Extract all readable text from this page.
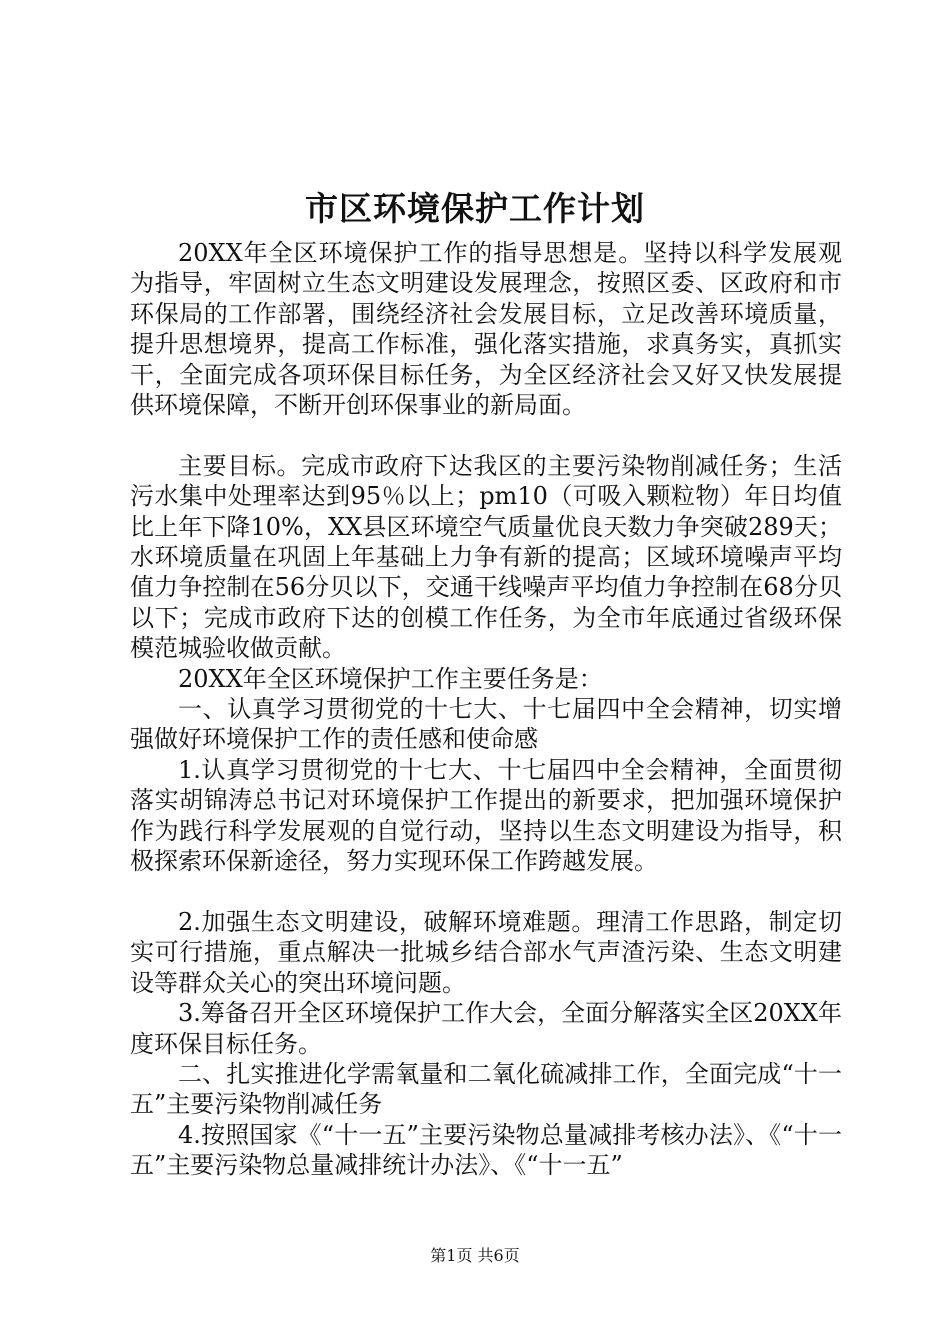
市区环境保护工作计划

20XX年全区环境保护工作的指导思想是。坚持以科学发展观为指导，牢固树立生态文明建设发展理念，按照区委、区政府和市环保局的工作部署，围绕经济社会发展目标，立足改善环境质量，提升思想境界，提高工作标准，强化落实措施，求真务实，真抓实干，全面完成各项环保目标任务，为全区经济社会又好又快发展提供环境保障，不断开创环保事业的新局面。

主要目标。完成市政府下达我区的主要污染物削减任务；生活污水集中处理率达到95％以上；pm10（可吸入颗粒物）年日均值比上年下降10%，XX县区环境空气质量优良天数力争突破289天；水环境质量在巩固上年基础上力争有新的提高；区域环境噪声平均值力争控制在56分贝以下，交通干线噪声平均值力争控制在68分贝以下；完成市政府下达的创模工作任务，为全市年底通过省级环保模范城验收做贡献。

20XX年全区环境保护工作主要任务是：

一、认真学习贯彻党的十七大、十七届四中全会精神，切实增强做好环境保护工作的责任感和使命感

1.认真学习贯彻党的十七大、十七届四中全会精神，全面贯彻落实胡锦涛总书记对环境保护工作提出的新要求，把加强环境保护作为践行科学发展观的自觉行动，坚持以生态文明建设为指导，积极探索环保新途径，努力实现环保工作跨越发展。

2.加强生态文明建设，破解环境难题。理清工作思路，制定切实可行措施，重点解决一批城乡结合部水气声渣污染、生态文明建设等群众关心的突出环境问题。

3.筹备召开全区环境保护工作大会，全面分解落实全区20XX年度环保目标任务。

二、扎实推进化学需氧量和二氧化硫减排工作，全面完成“十一五”主要污染物削减任务

4.按照国家《“十一五”主要污染物总量减排考核办法》、《“十一五”主要污染物总量减排统计办法》、《“十一五”

第1页 共6页
